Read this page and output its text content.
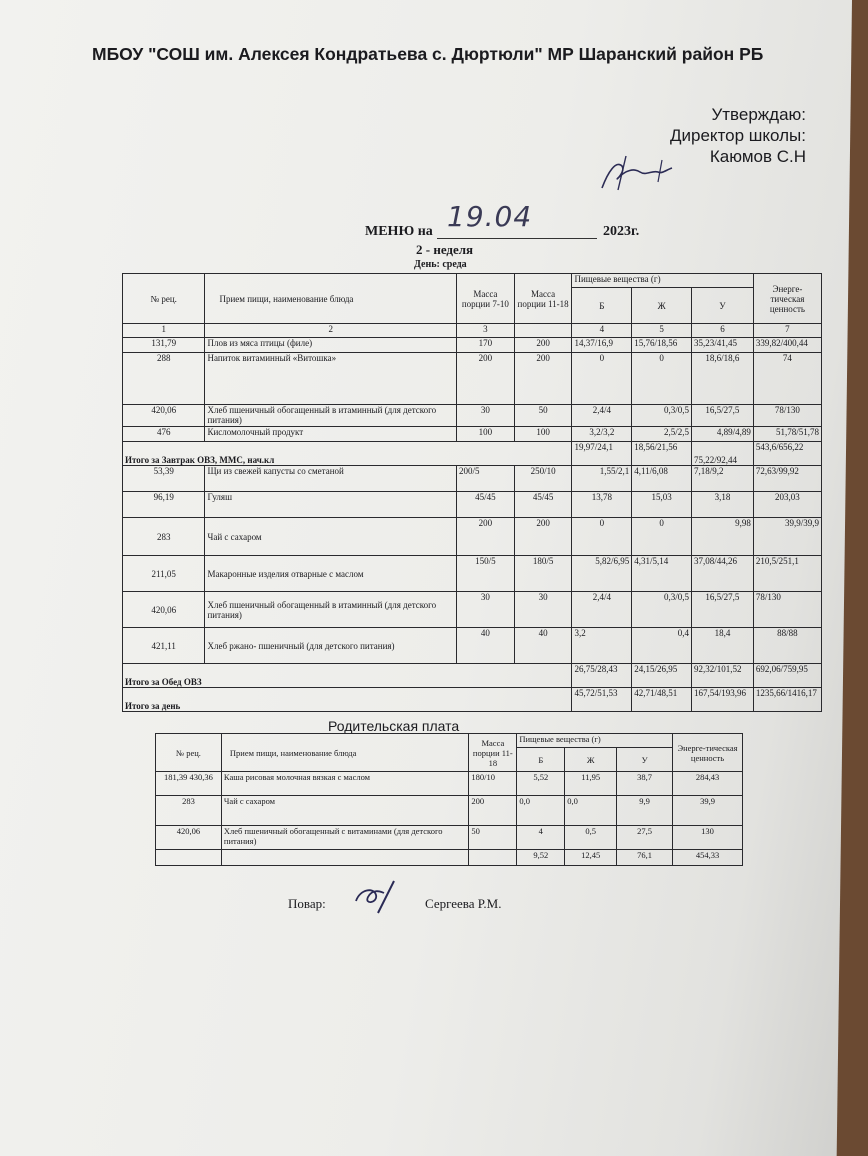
МБОУ "СОШ им. Алексея Кондратьева с. Дюртюли" МР Шаранский район РБ
Утверждаю:
Директор школы:
Каюмов С.Н
МЕНЮ на 19.04	2023г.
2 - неделя
День: среда
№ рец.	Прием пищи, наименование блюда	Масса порции 7-10	Масса порции 11-18	Пищевые вещества (г)			Энерге-тическая ценность
				Б	Ж	У	
1	2	3		4	5	6	7
131,79	Плов из мяса птицы (филе)	170	200	14,37/16,9	15,76/18,56	35,23/41,45	339,82/400,44
288	Напиток витаминный «Витошка»	200	200	0	0	18,6/18,6	74
420,06	Хлеб пшеничный обогащенный в итаминный (для детского питания)	30	50	2,4/4	0,3/0,5	16,5/27,5	78/130
476	Кисломолочный продукт	100	100	3,2/3,2	2,5/2,5	4,89/4,89	51,78/51,78
Итого за Завтрак ОВЗ, ММС, нач.кл				19,97/24,1	18,56/21,56	75,22/92,44	543,6/656,22
53,39	Щи из свежей капусты со сметаной	200/5	250/10	1,55/2,1	4,11/6,08	7,18/9,2	72,63/99,92
96,19	Гуляш	45/45	45/45	13,78	15,03	3,18	203,03
283	Чай с сахаром	200	200	0	0	9,98	39,9/39,9
211,05	Макаронные изделия отварные с маслом	150/5	180/5	5,82/6,95	4,31/5,14	37,08/44,26	210,5/251,1
420,06	Хлеб пшеничный обогащенный в итаминный (для детского питания)	30	30	2,4/4	0,3/0,5	16,5/27,5	78/130
421,11	Хлеб ржано- пшеничный (для детского питания)	40	40	3,2	0,4	18,4	88/88
Итого за Обед ОВЗ				26,75/28,43	24,15/26,95	92,32/101,52	692,06/759,95
Итого за день				45,72/51,53	42,71/48,51	167,54/193,96	1235,66/1416,17
Родительская плата
№ рец.	Прием пищи, наименование блюда	Масса порции 11-18	Пищевые вещества (г)			Энерге-тическая ценность
			Б	Ж	У	
181,39 430,36	Каша рисовая молочная вязкая с маслом	180/10	5,52	11,95	38,7	284,43
283	Чай с сахаром	200	0,0	0,0	9,9	39,9
420,06	Хлеб пшеничный обогащенный с витаминами (для детского питания)	50	4	0,5	27,5	130
			9,52	12,45	76,1	454,33
Повар:	Сергеева Р.М.
